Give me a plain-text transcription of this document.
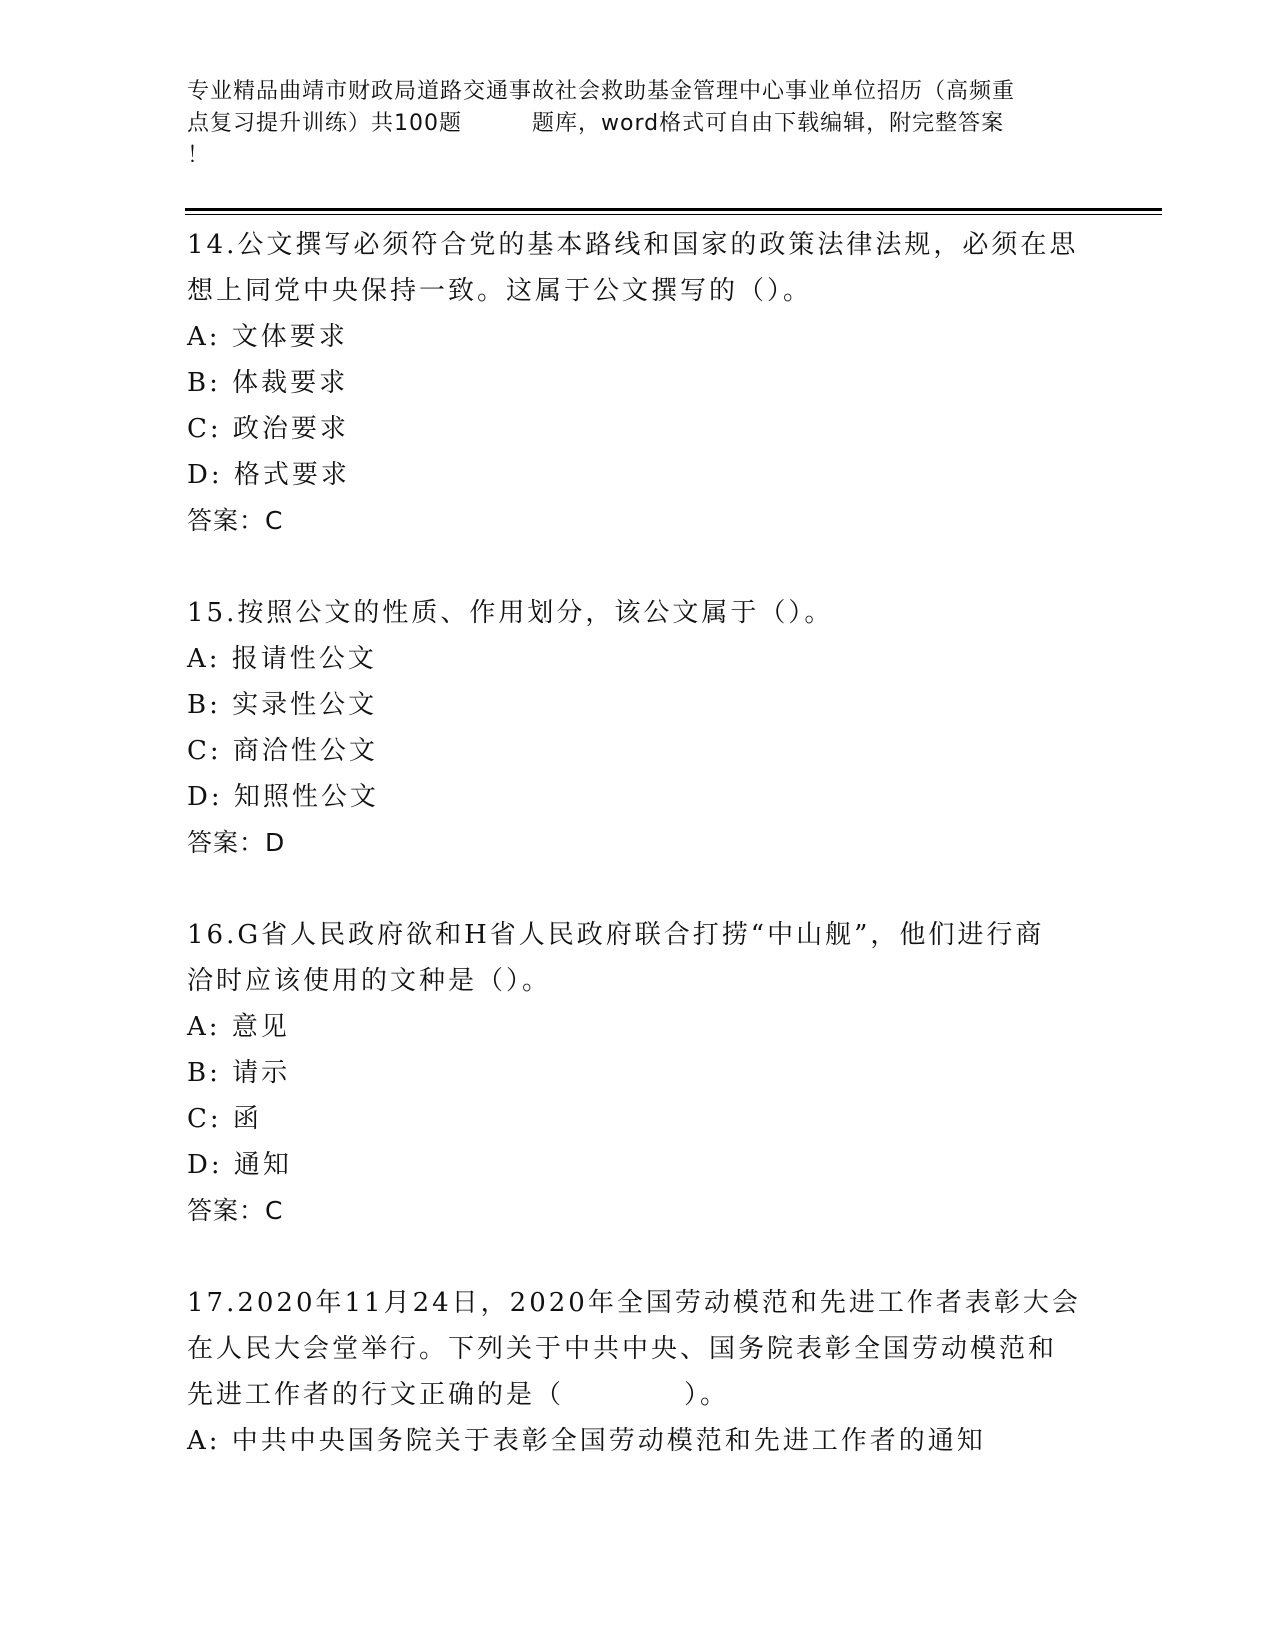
专业精品曲靖市财政局道路交通事故社会救助基金管理中心事业单位招历（高频重
点复习提升训练）共100题	题库，word格式可自由下载编辑，附完整答案
！

14.公文撰写必须符合党的基本路线和国家的政策法律法规，必须在思

想上同党中央保持一致。这属于公文撰写的（）。

A: 文体要求

B: 体裁要求

C: 政治要求

D: 格式要求

答案：C

15.按照公文的性质、作用划分，该公文属于（）。

A: 报请性公文

B: 实录性公文

C: 商洽性公文

D: 知照性公文

答案：D

16.G省人民政府欲和H省人民政府联合打捞“中山舰”，他们进行商

洽时应该使用的文种是（）。

A: 意见

B: 请示

C: 函

D: 通知

答案：C

17.2020年11月24日，2020年全国劳动模范和先进工作者表彰大会

在人民大会堂举行。下列关于中共中央、国务院表彰全国劳动模范和

先进工作者的行文正确的是（	）。

A: 中共中央国务院关于表彰全国劳动模范和先进工作者的通知
